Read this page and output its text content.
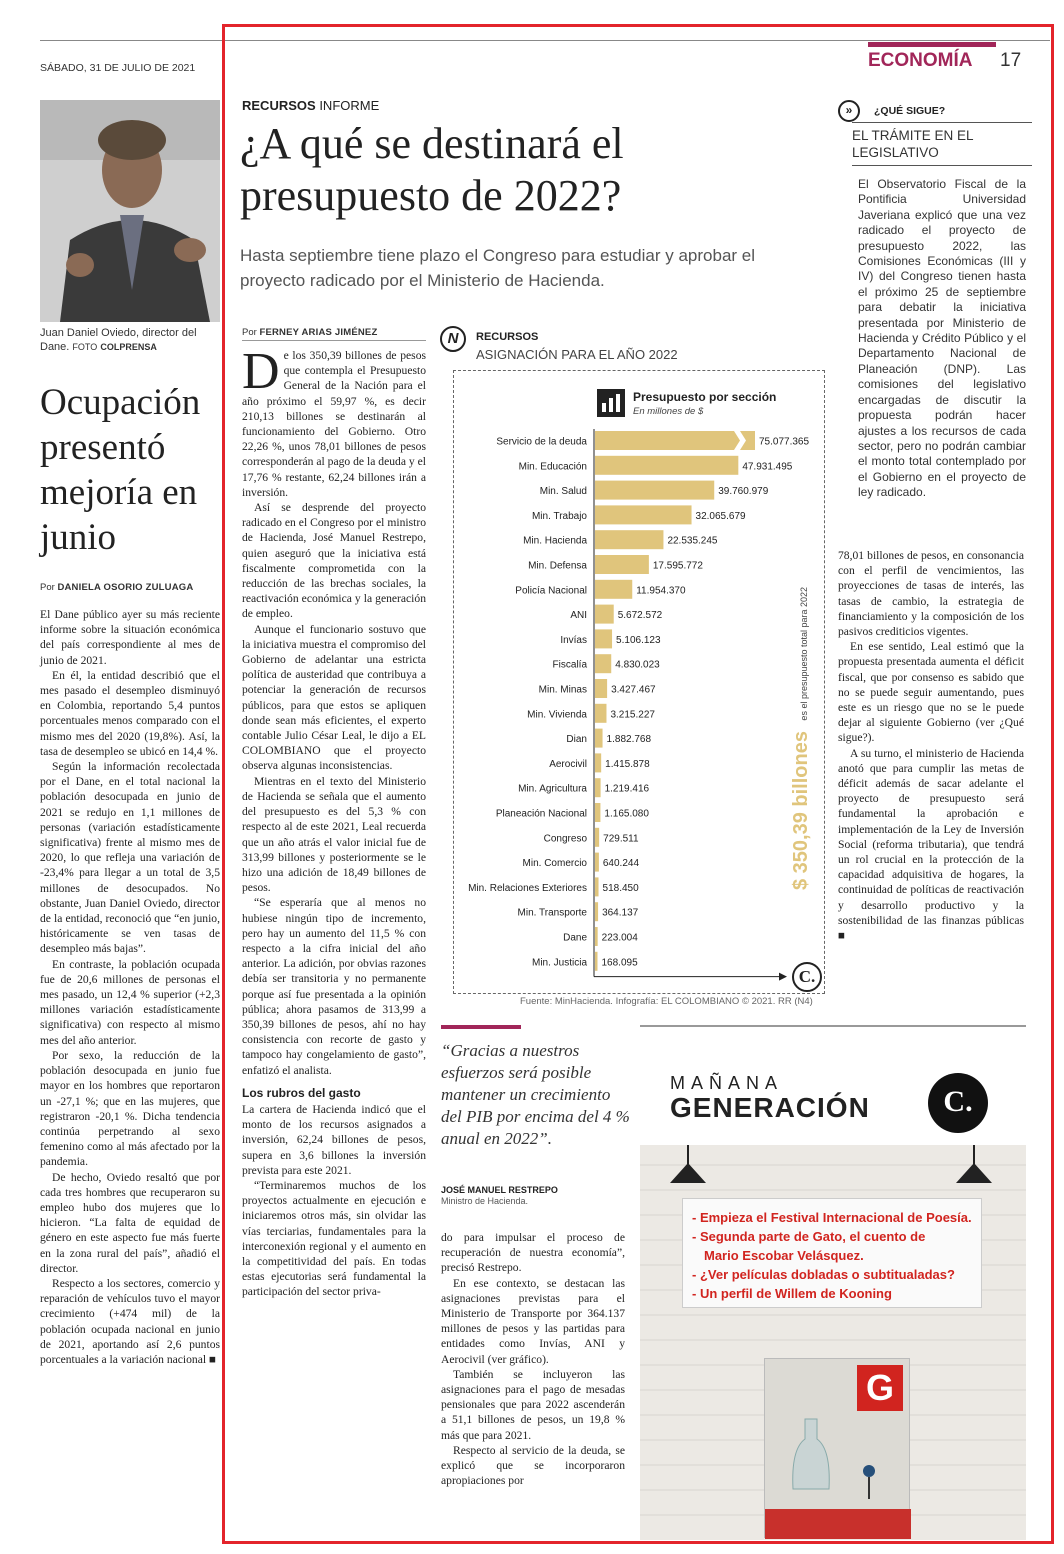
SÁBADO, 31 DE JULIO DE 2021	ECONOMÍA 17
Juan Daniel Oviedo, director del Dane. FOTO COLPRENSA
Ocupación presentó mejoría en junio
Por DANIELA OSORIO ZULUAGA

El Dane público ayer su más reciente informe sobre la situación económica del país correspondiente al mes de junio de 2021.

En él, la entidad describió que el mes pasado el desempleo disminuyó en Colombia, reportando 5,4 puntos porcentuales menos comparado con el mismo mes del 2020 (19,8%). Así, la tasa de desempleo se ubicó en 14,4 %.

Según la información recolectada por el Dane, en el total nacional la población desocupada en junio de 2021 se redujo en 1,1 millones de personas (variación estadísticamente significativa) frente al mismo mes de 2020, lo que refleja una variación de -23,4% para llegar a un total de 3,5 millones de desocupados. No obstante, Juan Daniel Oviedo, director de la entidad, reconoció que “en junio, históricamente se ven tasas de desempleo más bajas”.

En contraste, la población ocupada fue de 20,6 millones de personas el mes pasado, un 12,4 % superior (+2,3 millones variación estadísticamente significativa) con respecto al mismo mes del año anterior.

Por sexo, la reducción de la población desocupada en junio fue mayor en los hombres que reportaron un -27,1 %; que en las mujeres, que registraron -20,1 %. Dicha tendencia continúa perpetrando al sexo femenino como al más afectado por la pandemia.

De hecho, Oviedo resaltó que por cada tres hombres que recuperaron su empleo hubo dos mujeres que lo hicieron. “La falta de equidad de género en este aspecto fue más fuerte en la zona rural del país”, añadió el director.

Respecto a los sectores, comercio y reparación de vehículos tuvo el mayor crecimiento (+474 mil) de la población ocupada nacional en junio de 2021, aportando así 2,6 puntos porcentuales a la variación nacional ■

RECURSOS INFORME
¿A qué se destinará el presupuesto de 2022?
Hasta septiembre tiene plazo el Congreso para estudiar y aprobar el proyecto radicado por el Ministerio de Hacienda.
Por FERNEY ARIAS JIMÉNEZ

De los 350,39 billones de pesos que contempla el Presupuesto General de la Nación para el año próximo el 59,97 %, es decir 210,13 billones se destinarán al funcionamiento del Gobierno. Otro 22,26 %, unos 78,01 billones de pesos corresponderán al pago de la deuda y el 17,76 % restante, 62,24 billones irán a inversión.

Así se desprende del proyecto radicado en el Congreso por el ministro de Hacienda, José Manuel Restrepo, quien aseguró que la iniciativa está fiscalmente comprometida con la reducción de las brechas sociales, la reactivación económica y la generación de empleo.

Aunque el funcionario sostuvo que la iniciativa muestra el compromiso del Gobierno de adelantar una estricta política de austeridad que contribuya a potenciar la generación de recursos públicos, para que estos se apliquen donde sean más eficientes, el experto contable Julio César Leal, le dijo a EL COLOMBIANO que el proyecto observa algunas inconsistencias.

Mientras en el texto del Ministerio de Hacienda se señala que el aumento del presupuesto es del 5,3 % con respecto al de este 2021, Leal recuerda que un año atrás el valor inicial fue de 313,99 billones y posteriormente se le hizo una adición de 18,49 billones de pesos.

“Se esperaría que al menos no hubiese ningún tipo de incremento, pero hay un aumento del 11,5 % con respecto a la cifra inicial del año anterior. La adición, por obvias razones debía ser transitoria y no permanente porque así fue presentada a la opinión pública; ahora pasamos de 313,99 a 350,39 billones de pesos, ahí no hay consistencia con recorte de gasto y tampoco hay congelamiento de gasto”, enfatizó el analista.

Los rubros del gasto

La cartera de Hacienda indicó que el monto de los recursos asignados a inversión, 62,24 billones de pesos, supera en 3,6 billones la inversión prevista para este 2021.

“Terminaremos muchos de los proyectos actualmente en ejecución e iniciaremos otros más, sin olvidar las vías terciarias, fundamentales para la interconexión regional y el aumento en la competitividad del país. En todas estas ejecutorias será fundamental la participación del sector priva-

N	RECURSOS
ASIGNACIÓN PARA EL AÑO 2022
Presupuesto por sección
En millones de $
Servicio de la deuda	75.077.365
Min. Educación	47.931.495
Min. Salud	39.760.979
Min. Trabajo	32.065.679
Min. Hacienda	22.535.245
Min. Defensa	17.595.772
Policía Nacional	11.954.370
ANI	5.672.572
Invías	5.106.123
Fiscalía	4.830.023
Min. Minas 3.427.467
Min. Vivienda 3.215.227
Dian 1.882.768
Aerocivil 1.415.878
Min. Agricultura 1.219.416
Planeación Nacional 1.165.080
Congreso 729.511
Min. Comercio 640.244
Min. Relaciones Exteriores 518.450
Min. Transporte 364.137
Dane 223.004
Min. Justicia 168.095
$ 350,39 billones es el presupuesto total para 2022
C.
Fuente: MinHacienda. Infografía: EL COLOMBIANO © 2021. RR (N4)
“Gracias a nuestros esfuerzos será posible mantener un crecimiento del PIB por encima del 4 % anual en 2022”.
JOSÉ MANUEL RESTREPO
Ministro de Hacienda.

do para impulsar el proceso de recuperación de nuestra economía”, precisó Restrepo.

En ese contexto, se destacan las asignaciones previstas para el Ministerio de Transporte por 364.137 millones de pesos y las partidas para entidades como Invías, ANI y Aerocivil (ver gráfico).

También se incluyeron las asignaciones para el pago de mesadas pensionales que para 2022 ascenderán a 51,1 billones de pesos, un 19,8 % más que para 2021.

Respecto al servicio de la deuda, se explicó que se incorporaron apropiaciones por

»	¿QUÉ SIGUE?
EL TRÁMITE EN EL LEGISLATIVO
El Observatorio Fiscal de la Pontificia Universidad Javeriana explicó que una vez radicado el proyecto de presupuesto 2022, las Comisiones Económicas (III y IV) del Congreso tienen hasta el próximo 25 de septiembre para debatir la iniciativa presentada por Ministerio de Hacienda y Crédito Público y el Departamento Nacional de Planeación (DNP). Las comisiones del legislativo encargadas de discutir la propuesta podrán hacer ajustes a los recursos de cada sector, pero no podrán cambiar el monto total contemplado por el Gobierno en el proyecto de ley radicado.

78,01 billones de pesos, en consonancia con el perfil de vencimientos, las proyecciones de tasas de interés, las tasas de cambio, la estrategia de financiamiento y la composición de los pasivos crediticios vigentes.

En ese sentido, Leal estimó que la propuesta presentada aumenta el déficit fiscal, que por consenso es sabido que no se puede seguir aumentando, pues este es un riesgo que no se le puede dejar al siguiente Gobierno (ver ¿Qué sigue?).

A su turno, el ministerio de Hacienda anotó que para cumplir las metas de déficit además de sacar adelante el proyecto de presupuesto será fundamental la aprobación e implementación de la Ley de Inversión Social (reforma tributaria), que tendrá un rol crucial en la protección de la capacidad adquisitiva de hogares, la continuidad de políticas de reactivación y desarrollo productivo y la sostenibilidad de las finanzas públicas ■

MAÑANA
GENERACIÓN	C.
- Empieza el Festival Internacional de Poesía.
- Segunda parte de Gato, el cuento de
Mario Escobar Velásquez.
- ¿Ver películas dobladas o subtitualadas?
- Un perfil de Willem de Kooning
G
